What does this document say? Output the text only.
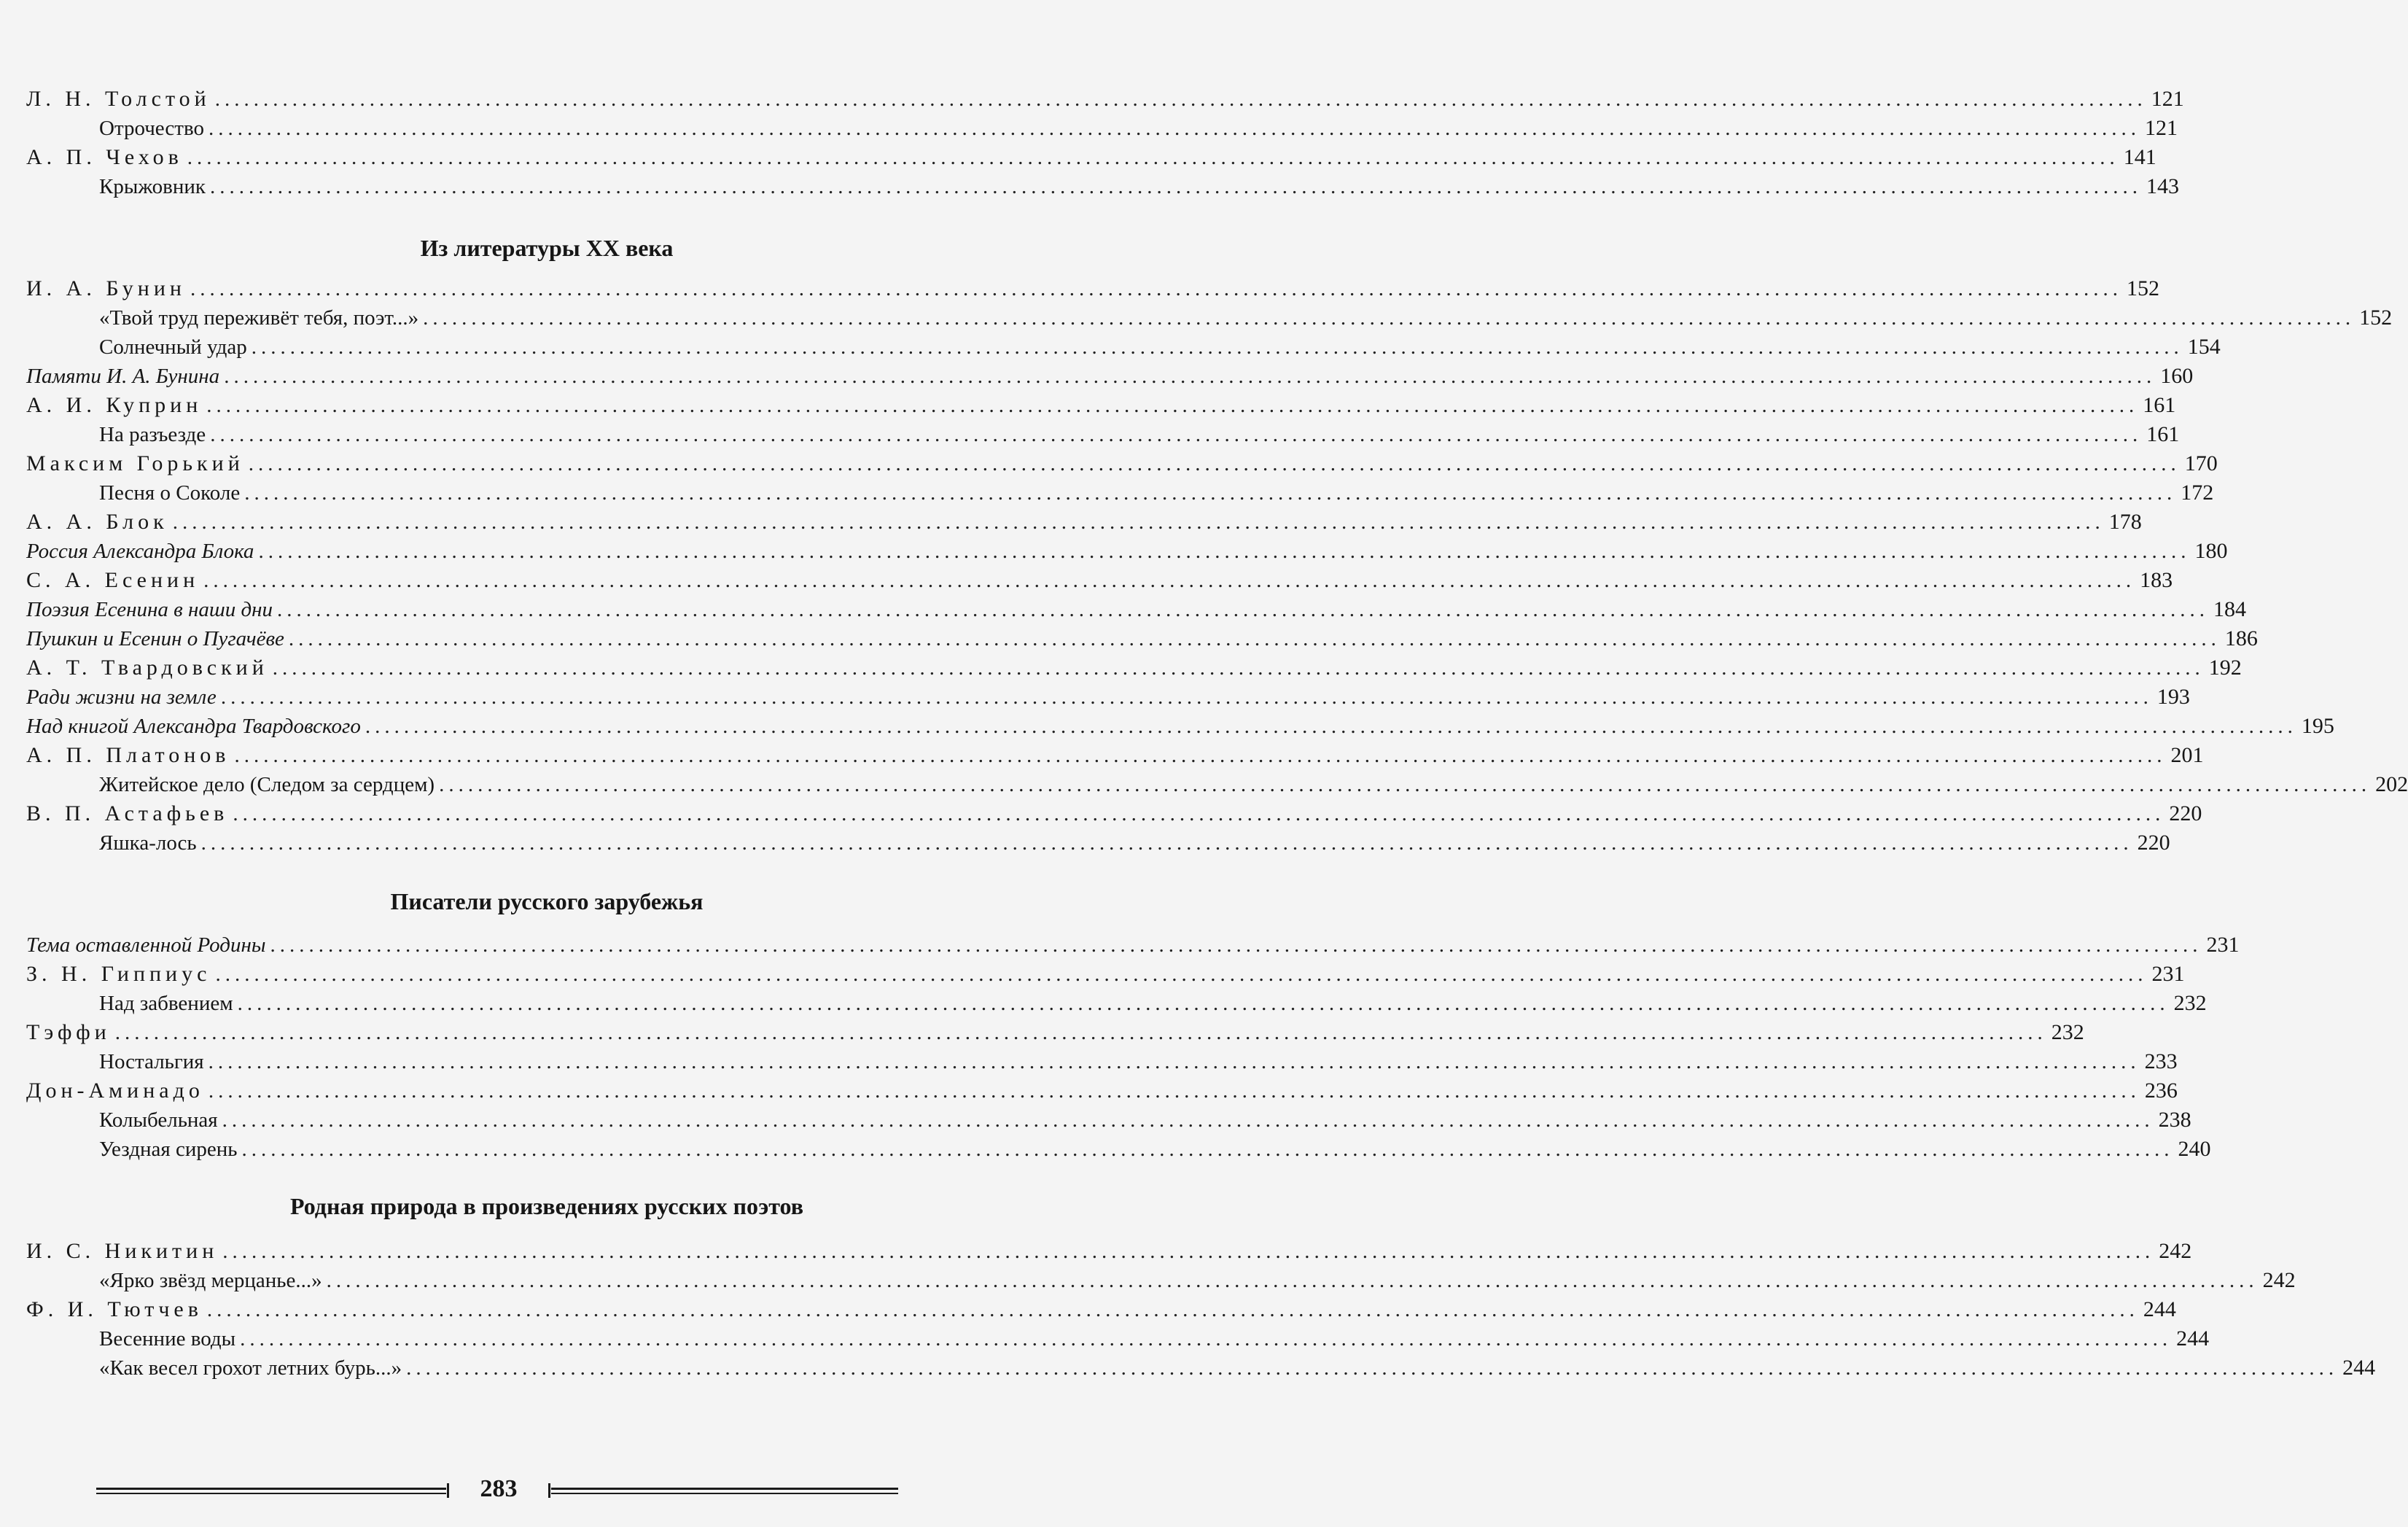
Л. Н. Толстой ........................................................................................................................................................................................................ 121
Отрочество ........................................................................................................................................................................................................ 121
А. П. Чехов ........................................................................................................................................................................................................ 141
Крыжовник ........................................................................................................................................................................................................ 143
Из литературы XX века
И. А. Бунин ........................................................................................................................................................................................................ 152
«Твой труд переживёт тебя, поэт...» ........................................................................................................................................................................................................ 152
Солнечный удар ........................................................................................................................................................................................................ 154
Памяти И. А. Бунина ........................................................................................................................................................................................................ 160
А. И. Куприн ........................................................................................................................................................................................................ 161
На разъезде ........................................................................................................................................................................................................ 161
Максим Горький ........................................................................................................................................................................................................ 170
Песня о Соколе ........................................................................................................................................................................................................ 172
А. А. Блок ........................................................................................................................................................................................................ 178
Россия Александра Блока ........................................................................................................................................................................................................ 180
С. А. Есенин ........................................................................................................................................................................................................ 183
Поэзия Есенина в наши дни ........................................................................................................................................................................................................ 184
Пушкин и Есенин о Пугачёве ........................................................................................................................................................................................................ 186
А. Т. Твардовский ........................................................................................................................................................................................................ 192
Ради жизни на земле ........................................................................................................................................................................................................ 193
Над книгой Александра Твардовского ........................................................................................................................................................................................................ 195
А. П. Платонов ........................................................................................................................................................................................................ 201
Житейское дело (Следом за сердцем) ........................................................................................................................................................................................................ 202
В. П. Астафьев ........................................................................................................................................................................................................ 220
Яшка-лось ........................................................................................................................................................................................................ 220
Писатели русского зарубежья
Тема оставленной Родины ........................................................................................................................................................................................................ 231
З. Н. Гиппиус ........................................................................................................................................................................................................ 231
Над забвением ........................................................................................................................................................................................................ 232
Тэффи ........................................................................................................................................................................................................ 232
Ностальгия ........................................................................................................................................................................................................ 233
Дон-Аминадо ........................................................................................................................................................................................................ 236
Колыбельная ........................................................................................................................................................................................................ 238
Уездная сирень ........................................................................................................................................................................................................ 240
Родная природа в произведениях русских поэтов
И. С. Никитин ........................................................................................................................................................................................................ 242
«Ярко звёзд мерцанье...» ........................................................................................................................................................................................................ 242
Ф. И. Тютчев ........................................................................................................................................................................................................ 244
Весенние воды ........................................................................................................................................................................................................ 244
«Как весел грохот летних бурь...» ........................................................................................................................................................................................................ 244
283
